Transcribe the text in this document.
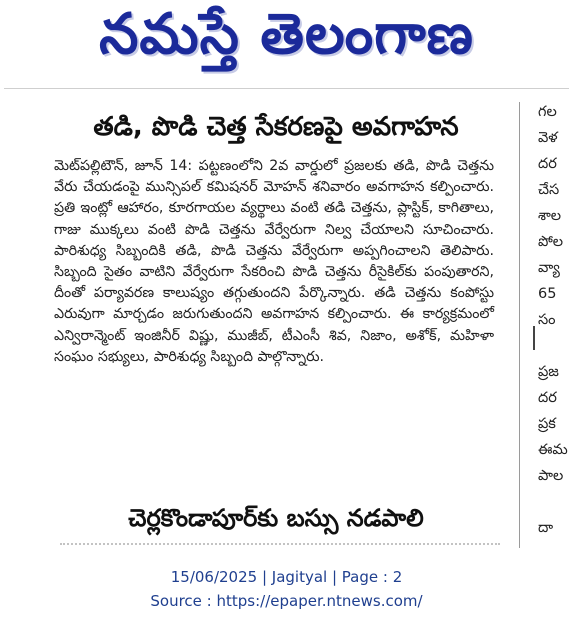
నమస్తే తెలంగాణ
తడి, పొడి చెత్త సేకరణపై అవగాహన

మెట్‌పల్లిటౌన్, జూన్ 14: పట్టణంలోని 2వ వార్డులో ప్రజలకు తడి, పొడి చెత్తను వేరు చేయడంపై మున్సిపల్ కమిషనర్ మోహన్ శనివారం అవగాహన కల్పించారు. ప్రతి ఇంట్లో ఆహారం, కూరగాయల వ్యర్థాలు వంటి తడి చెత్తను, ప్లాస్టిక్, కాగితాలు, గాజు ముక్కలు వంటి పొడి చెత్తను వేర్వేరుగా నిల్వ చేయాలని సూచించారు. పారిశుధ్య సిబ్బందికి తడి, పొడి చెత్తను వేర్వేరుగా అప్పగించాలని తెలిపారు. సిబ్బంది సైతం వాటిని వేర్వేరుగా సేకరించి పొడి చెత్తను రీసైకిల్‌కు పంపుతారని, దీంతో పర్యావరణ కాలుష్యం తగ్గుతుందని పేర్కొన్నారు. తడి చెత్తను కంపోస్టు ఎరువుగా మార్చడం జరుగుతుందని అవగాహన కల్పించారు. ఈ కార్యక్రమంలో ఎన్విరాన్మెంట్ ఇంజినీర్ విష్ణు, ముజీబ్, టీఎంసీ శివ, నిజాం, అశోక్, మహిళా సంఘం సభ్యులు, పారిశుధ్య సిబ్బంది పాల్గొన్నారు.

చెర్లకొండాపూర్‌కు బస్సు నడపాలి
గల
వెళ
దర
చేస
శాల
పోల
వ్యా
65
సం
ప్రజ
దర
ప్రక
ఈమ
పాల
దా
15/06/2025 | Jagityal | Page : 2
Source : https://epaper.ntnews.com/
